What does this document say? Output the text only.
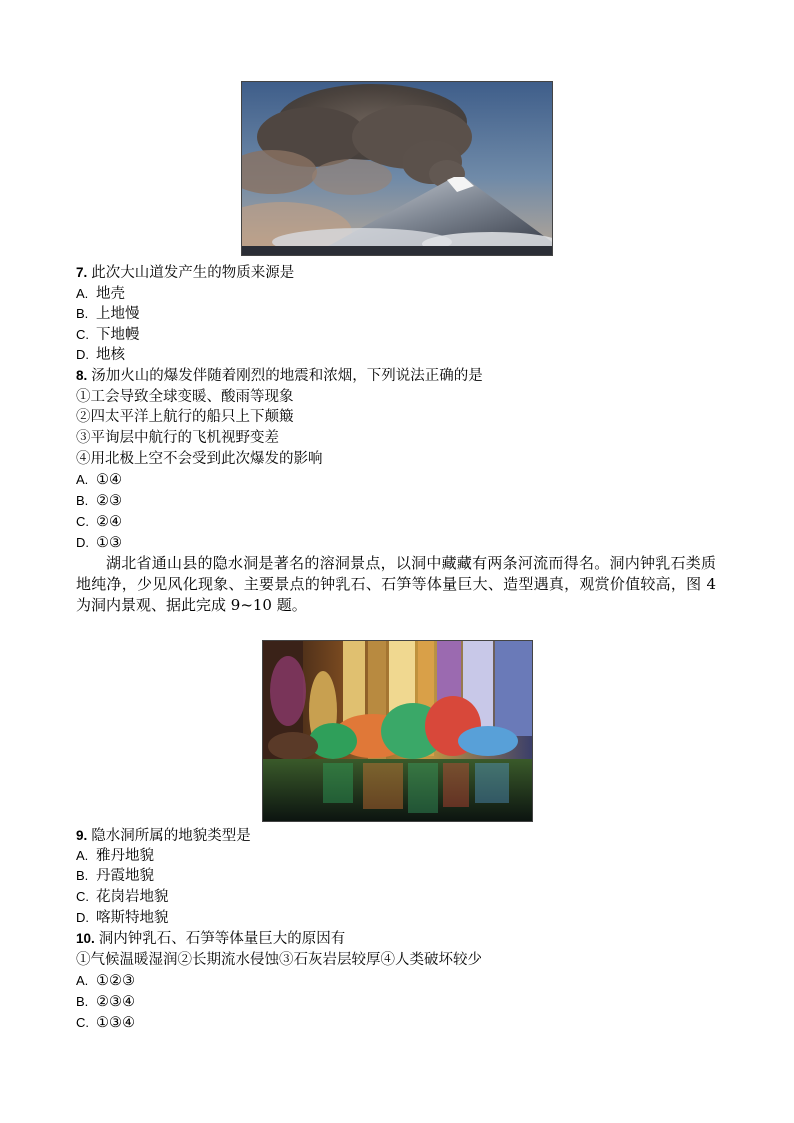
7. 此次大山道发产生的物质来源是
A. 地壳
B. 上地慢
C. 下地幔
D. 地核
8. 汤加火山的爆发伴随着刚烈的地震和浓烟，下列说法正确的是
①工会导致全球变暖、酸雨等现象
②四太平洋上航行的船只上下颠簸
③平询层中航行的飞机视野变差
④用北极上空不会受到此次爆发的影响
A. ①④
B. ②③
C. ②④
D. ①③
湖北省通山县的隐水洞是著名的溶洞景点，以洞中藏藏有两条河流而得名。洞内钟乳石类质地纯净，少见风化现象、主要景点的钟乳石、石笋等体量巨大、造型遇真，观赏价值较高，图 4 为洞内景观、据此完成 9~10 题。
9. 隐水洞所属的地貌类型是
A. 雅丹地貌
B. 丹霞地貌
C. 花岗岩地貌
D. 喀斯特地貌
10. 洞内钟乳石、石笋等体量巨大的原因有
①气候温暖湿润②长期流水侵蚀③石灰岩层较厚④人类破坏较少
A. ①②③
B. ②③④
C. ①③④
